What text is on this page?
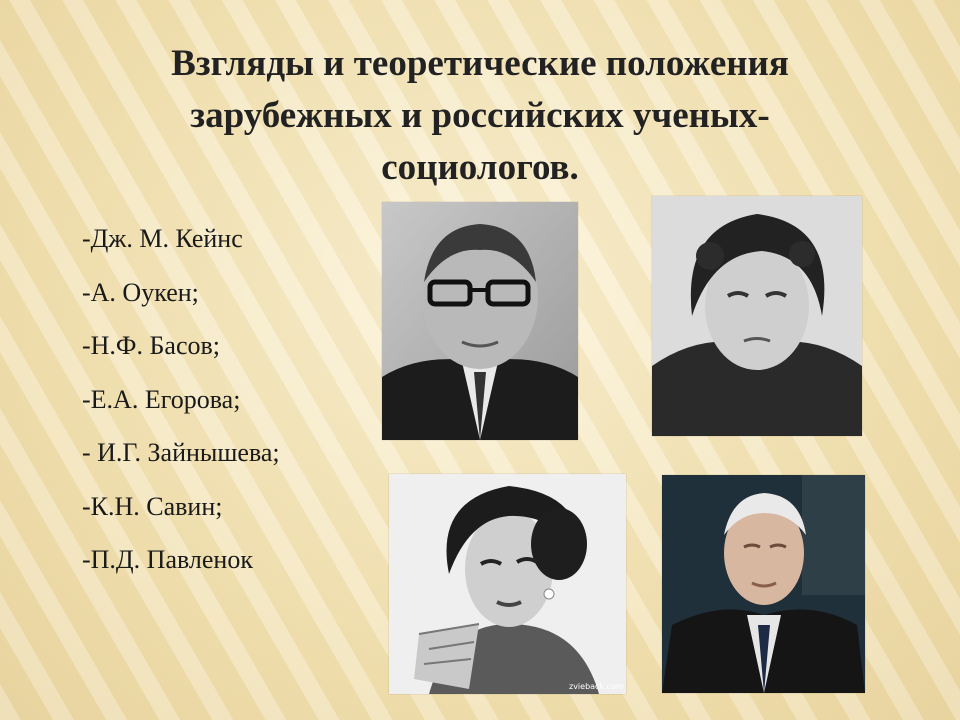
Взгляды и теоретические положения
зарубежных и российских ученых-
социологов.
-Дж. М. Кейнс
-А. Оукен;
-Н.Ф. Басов;
-Е.А. Егорова;
- И.Г. Зайнышева;
-К.Н. Савин;
-П.Д. Павленок
zvieback.com
